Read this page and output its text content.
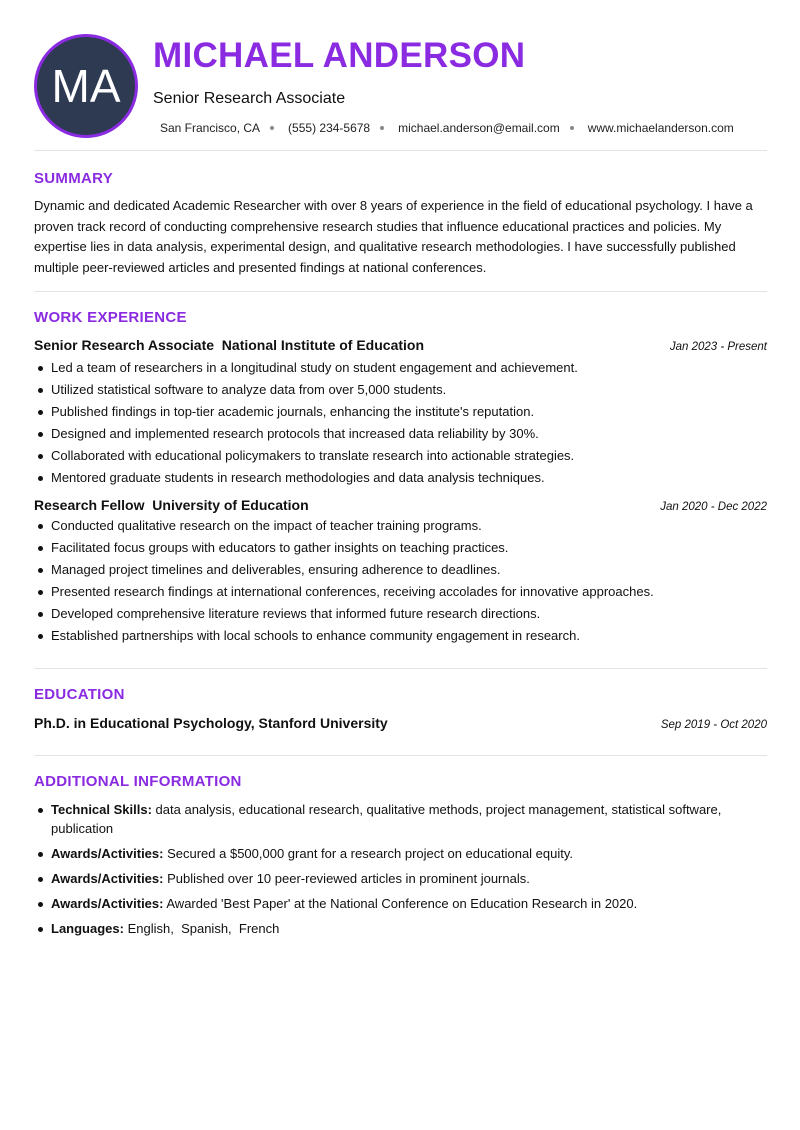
MA
MICHAEL ANDERSON
Senior Research Associate
San Francisco, CA (555) 234-5678 michael.anderson@email.com www.michaelanderson.com
SUMMARY

Dynamic and dedicated Academic Researcher with over 8 years of experience in the field of educational psychology. I have a proven track record of conducting comprehensive research studies that influence educational practices and policies. My expertise lies in data analysis, experimental design, and qualitative research methodologies. I have successfully published multiple peer-reviewed articles and presented findings at national conferences.

WORK EXPERIENCE
Senior Research Associate National Institute of Education	Jan 2023 - Present
Led a team of researchers in a longitudinal study on student engagement and achievement.
Utilized statistical software to analyze data from over 5,000 students.
Published findings in top-tier academic journals, enhancing the institute's reputation.
Designed and implemented research protocols that increased data reliability by 30%.
Collaborated with educational policymakers to translate research into actionable strategies.
Mentored graduate students in research methodologies and data analysis techniques.
Research Fellow University of Education	Jan 2020 - Dec 2022
Conducted qualitative research on the impact of teacher training programs.
Facilitated focus groups with educators to gather insights on teaching practices.
Managed project timelines and deliverables, ensuring adherence to deadlines.
Presented research findings at international conferences, receiving accolades for innovative approaches.
Developed comprehensive literature reviews that informed future research directions.
Established partnerships with local schools to enhance community engagement in research.
EDUCATION
Ph.D. in Educational Psychology, Stanford University	Sep 2019 - Oct 2020
ADDITIONAL INFORMATION
Technical Skills: data analysis, educational research, qualitative methods, project management, statistical software, publication
Awards/Activities: Secured a $500,000 grant for a research project on educational equity.
Awards/Activities: Published over 10 peer-reviewed articles in prominent journals.
Awards/Activities: Awarded 'Best Paper' at the National Conference on Education Research in 2020.
Languages: English,  Spanish,  French
